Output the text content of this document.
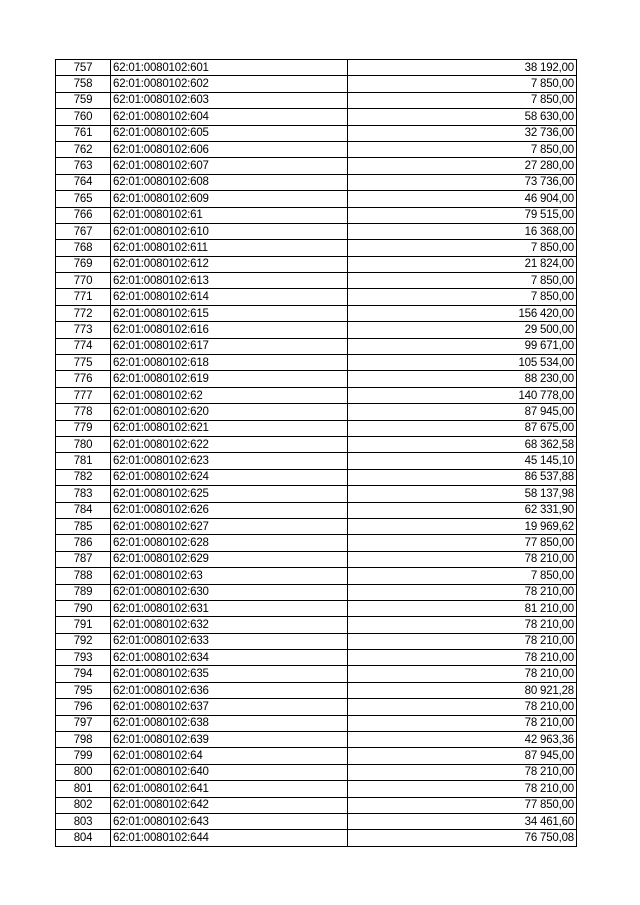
757	62:01:0080102:601	38 192,00
758	62:01:0080102:602	7 850,00
759	62:01:0080102:603	7 850,00
760	62:01:0080102:604	58 630,00
761	62:01:0080102:605	32 736,00
762	62:01:0080102:606	7 850,00
763	62:01:0080102:607	27 280,00
764	62:01:0080102:608	73 736,00
765	62:01:0080102:609	46 904,00
766	62:01:0080102:61	79 515,00
767	62:01:0080102:610	16 368,00
768	62:01:0080102:611	7 850,00
769	62:01:0080102:612	21 824,00
770	62:01:0080102:613	7 850,00
771	62:01:0080102:614	7 850,00
772	62:01:0080102:615	156 420,00
773	62:01:0080102:616	29 500,00
774	62:01:0080102:617	99 671,00
775	62:01:0080102:618	105 534,00
776	62:01:0080102:619	88 230,00
777	62:01:0080102:62	140 778,00
778	62:01:0080102:620	87 945,00
779	62:01:0080102:621	87 675,00
780	62:01:0080102:622	68 362,58
781	62:01:0080102:623	45 145,10
782	62:01:0080102:624	86 537,88
783	62:01:0080102:625	58 137,98
784	62:01:0080102:626	62 331,90
785	62:01:0080102:627	19 969,62
786	62:01:0080102:628	77 850,00
787	62:01:0080102:629	78 210,00
788	62:01:0080102:63	7 850,00
789	62:01:0080102:630	78 210,00
790	62:01:0080102:631	81 210,00
791	62:01:0080102:632	78 210,00
792	62:01:0080102:633	78 210,00
793	62:01:0080102:634	78 210,00
794	62:01:0080102:635	78 210,00
795	62:01:0080102:636	80 921,28
796	62:01:0080102:637	78 210,00
797	62:01:0080102:638	78 210,00
798	62:01:0080102:639	42 963,36
799	62:01:0080102:64	87 945,00
800	62:01:0080102:640	78 210,00
801	62:01:0080102:641	78 210,00
802	62:01:0080102:642	77 850,00
803	62:01:0080102:643	34 461,60
804	62:01:0080102:644	76 750,08
